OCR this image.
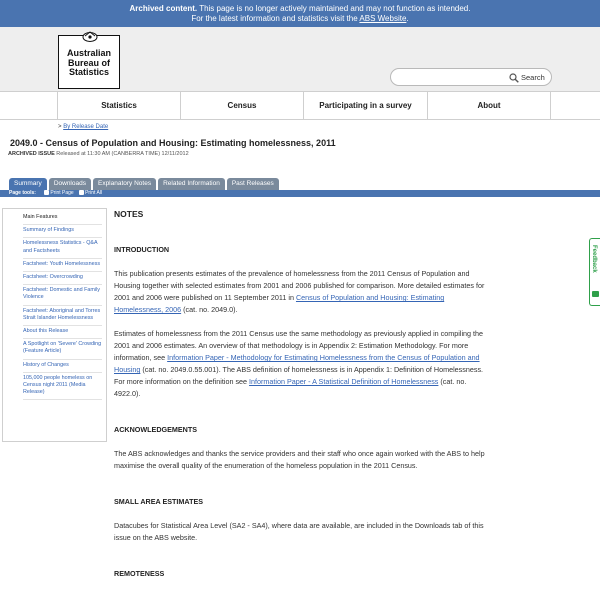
Archived content. This page is no longer actively maintained and may not function as intended.
For the latest information and statistics visit the ABS Website.
Australian
Bureau of
Statistics
Search
Statistics	Census	Participating in a survey	About
> By Release Date
2049.0 - Census of Population and Housing: Estimating homelessness, 2011
ARCHIVED ISSUE Released at 11:30 AM (CANBERRA TIME) 12/11/2012
Summary	Downloads	Explanatory Notes	Related Information	Past Releases
Page tools:	Print Page Print All
Main Features
Summary of Findings
Homelessness Statistics - Q&A and Factsheets
Factsheet: Youth Homelessness
Factsheet: Overcrowding
Factsheet: Domestic and Family Violence
Factsheet: Aboriginal and Torres Strait Islander Homelessness
About this Release
A Spotlight on 'Severe' Crowding (Feature Article)
History of Changes
105,000 people homeless on Census night 2011 (Media Release)
NOTES
INTRODUCTION

This publication presents estimates of the prevalence of homelessness from the 2011 Census of Population and Housing together with selected estimates from 2001 and 2006 published for comparison. More detailed estimates for 2001 and 2006 were published on 11 September 2011 in Census of Population and Housing: Estimating Homelessness, 2006 (cat. no. 2049.0).

Estimates of homelessness from the 2011 Census use the same methodology as previously applied in compiling the 2001 and 2006 estimates. An overview of that methodology is in Appendix 2: Estimation Methodology. For more information, see Information Paper - Methodology for Estimating Homelessness from the Census of Population and Housing (cat. no. 2049.0.55.001). The ABS definition of homelessness is in Appendix 1: Definition of Homelessness. For more information on the definition see Information Paper - A Statistical Definition of Homelessness (cat. no. 4922.0).

ACKNOWLEDGEMENTS

The ABS acknowledges and thanks the service providers and their staff who once again worked with the ABS to help maximise the overall quality of the enumeration of the homeless population in the 2011 Census.

SMALL AREA ESTIMATES

Datacubes for Statistical Area Level (SA2 - SA4), where data are available, are included in the Downloads tab of this issue on the ABS website.

REMOTENESS
Feedback
